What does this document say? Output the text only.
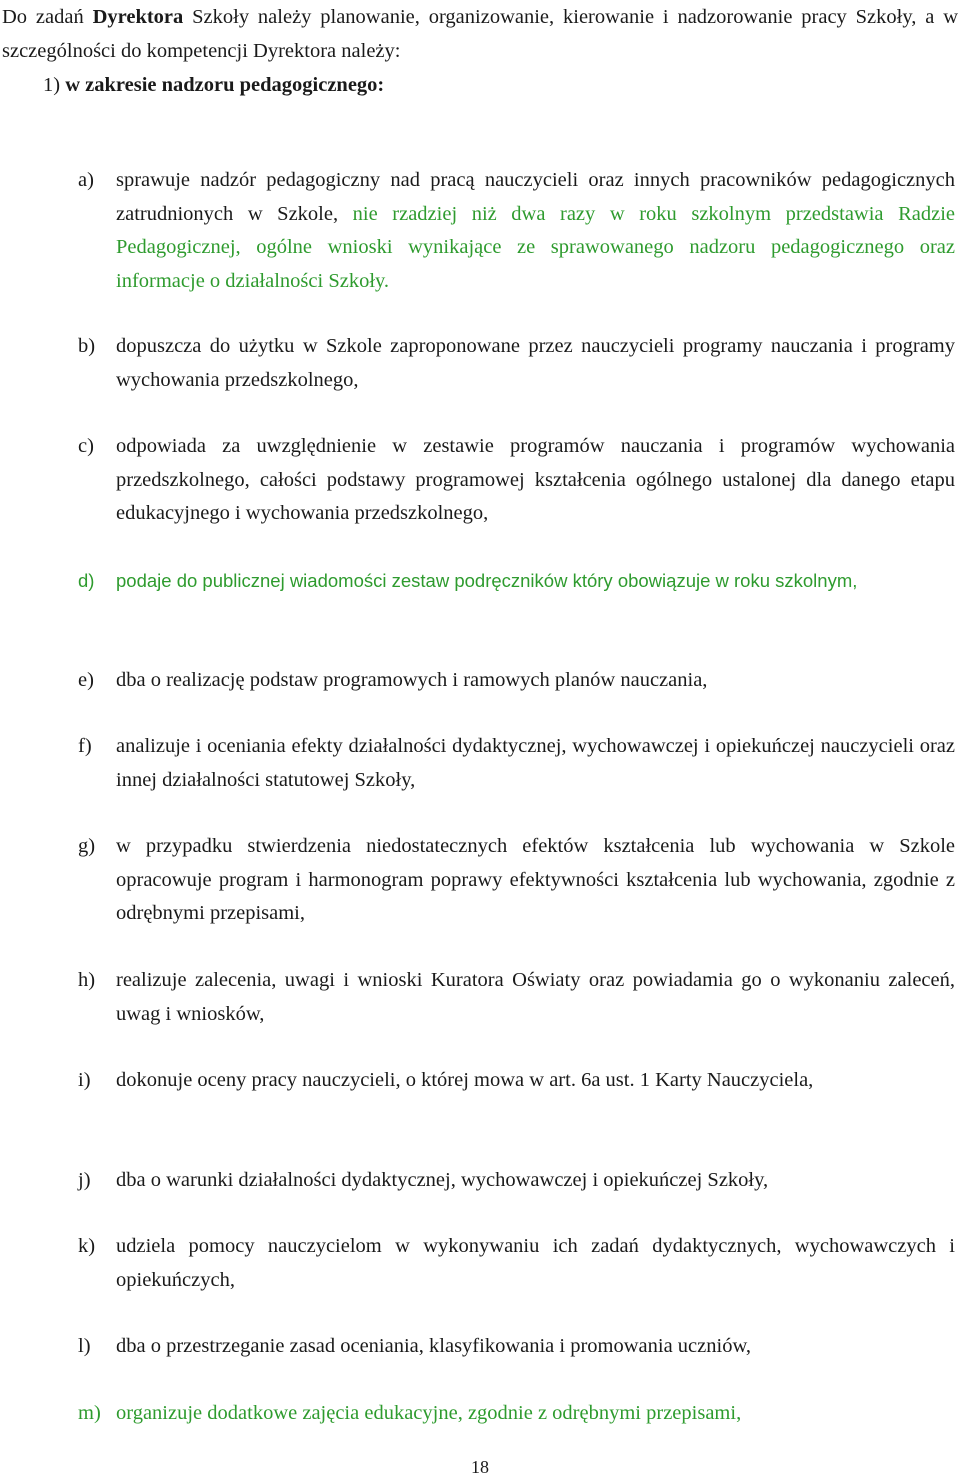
Do zadań Dyrektora Szkoły należy planowanie, organizowanie, kierowanie i nadzorowanie pracy Szkoły, a w szczególności do kompetencji Dyrektora należy:
1) w zakresie nadzoru pedagogicznego:
a)	sprawuje nadzór pedagogiczny nad pracą nauczycieli oraz innych pracowników pedagogicznych zatrudnionych w Szkole, nie rzadziej niż dwa razy w roku szkolnym przedstawia Radzie Pedagogicznej, ogólne wnioski wynikające ze sprawowanego nadzoru pedagogicznego oraz informacje o działalności Szkoły.
b)	dopuszcza do użytku w Szkole zaproponowane przez nauczycieli programy nauczania i programy wychowania przedszkolnego,
c)	odpowiada za uwzględnienie w zestawie programów nauczania i programów wychowania przedszkolnego, całości podstawy programowej kształcenia ogólnego ustalonej dla danego etapu edukacyjnego i wychowania przedszkolnego,
d)	podaje do publicznej wiadomości zestaw podręczników który obowiązuje w roku szkolnym,
e)	dba o realizację podstaw programowych i ramowych planów nauczania,
f)	analizuje i oceniania efekty działalności dydaktycznej, wychowawczej i opiekuńczej nauczycieli oraz innej działalności statutowej Szkoły,
g)	w przypadku stwierdzenia niedostatecznych efektów kształcenia lub wychowania w Szkole opracowuje program i harmonogram poprawy efektywności kształcenia lub wychowania, zgodnie z odrębnymi przepisami,
h)	realizuje zalecenia, uwagi i wnioski Kuratora Oświaty oraz powiadamia go o wykonaniu zaleceń, uwag i wniosków,
i)	dokonuje oceny pracy nauczycieli, o której mowa w art. 6a ust. 1 Karty Nauczyciela,
j)	dba o warunki działalności dydaktycznej, wychowawczej i opiekuńczej Szkoły,
k)	udziela pomocy nauczycielom w wykonywaniu ich zadań dydaktycznych, wychowawczych i opiekuńczych,
l)	dba o przestrzeganie zasad oceniania, klasyfikowania i promowania uczniów,
m) organizuje dodatkowe zajęcia edukacyjne, zgodnie z odrębnymi przepisami,
18
